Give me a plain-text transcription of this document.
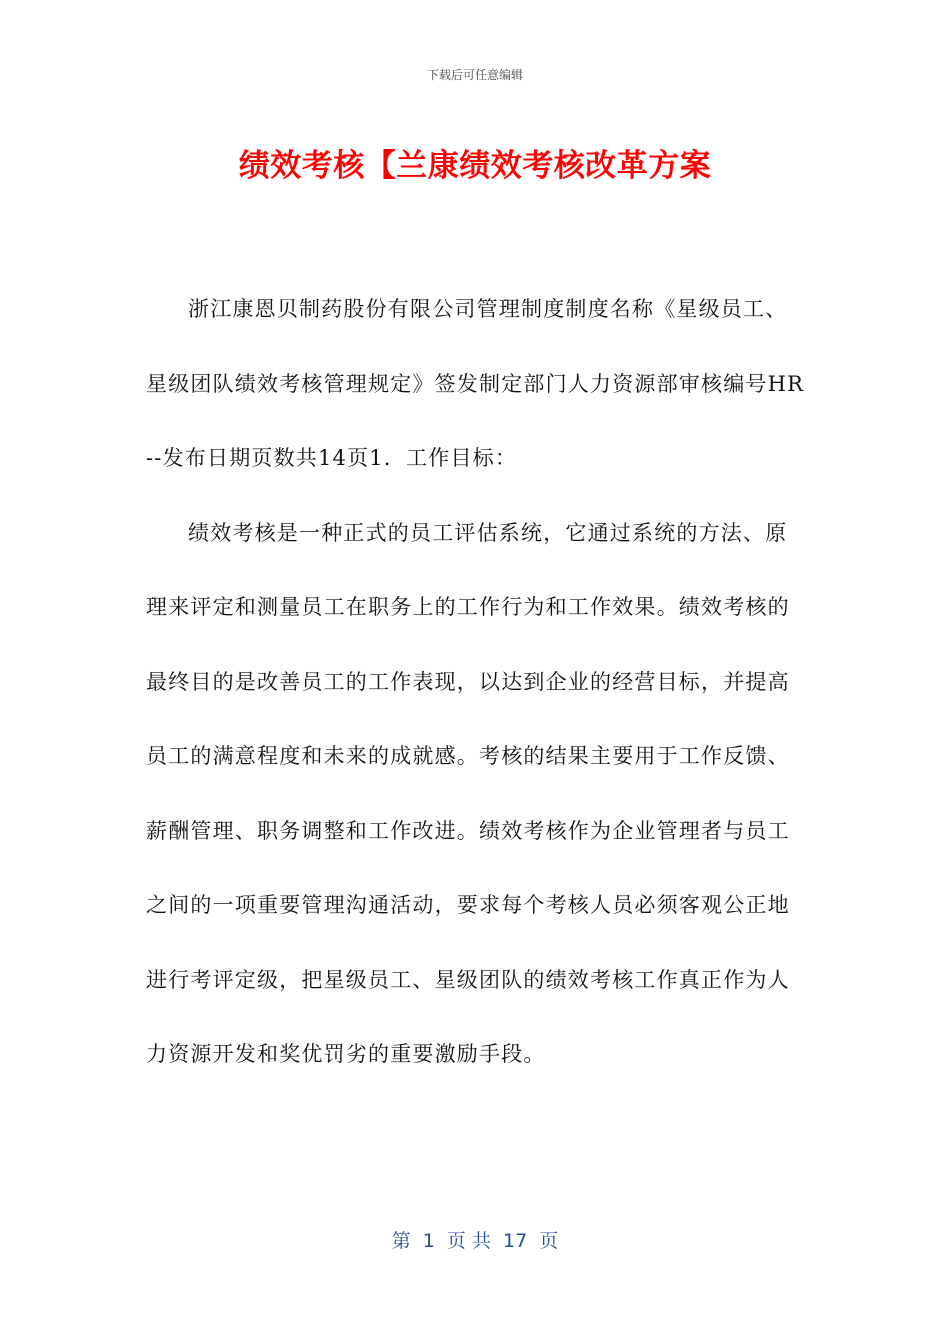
下载后可任意编辑
绩效考核【兰康绩效考核改革方案

浙江康恩贝制药股份有限公司管理制度制度名称《星级员工、星级团队绩效考核管理规定》签发制定部门人力资源部审核编号HR--发布日期页数共14页1．工作目标：

绩效考核是一种正式的员工评估系统，它通过系统的方法、原理来评定和测量员工在职务上的工作行为和工作效果。绩效考核的最终目的是改善员工的工作表现，以达到企业的经营目标，并提高员工的满意程度和未来的成就感。考核的结果主要用于工作反馈、薪酬管理、职务调整和工作改进。绩效考核作为企业管理者与员工之间的一项重要管理沟通活动，要求每个考核人员必须客观公正地进行考评定级，把星级员工、星级团队的绩效考核工作真正作为人力资源开发和奖优罚劣的重要激励手段。

第  1  页 共  17  页
